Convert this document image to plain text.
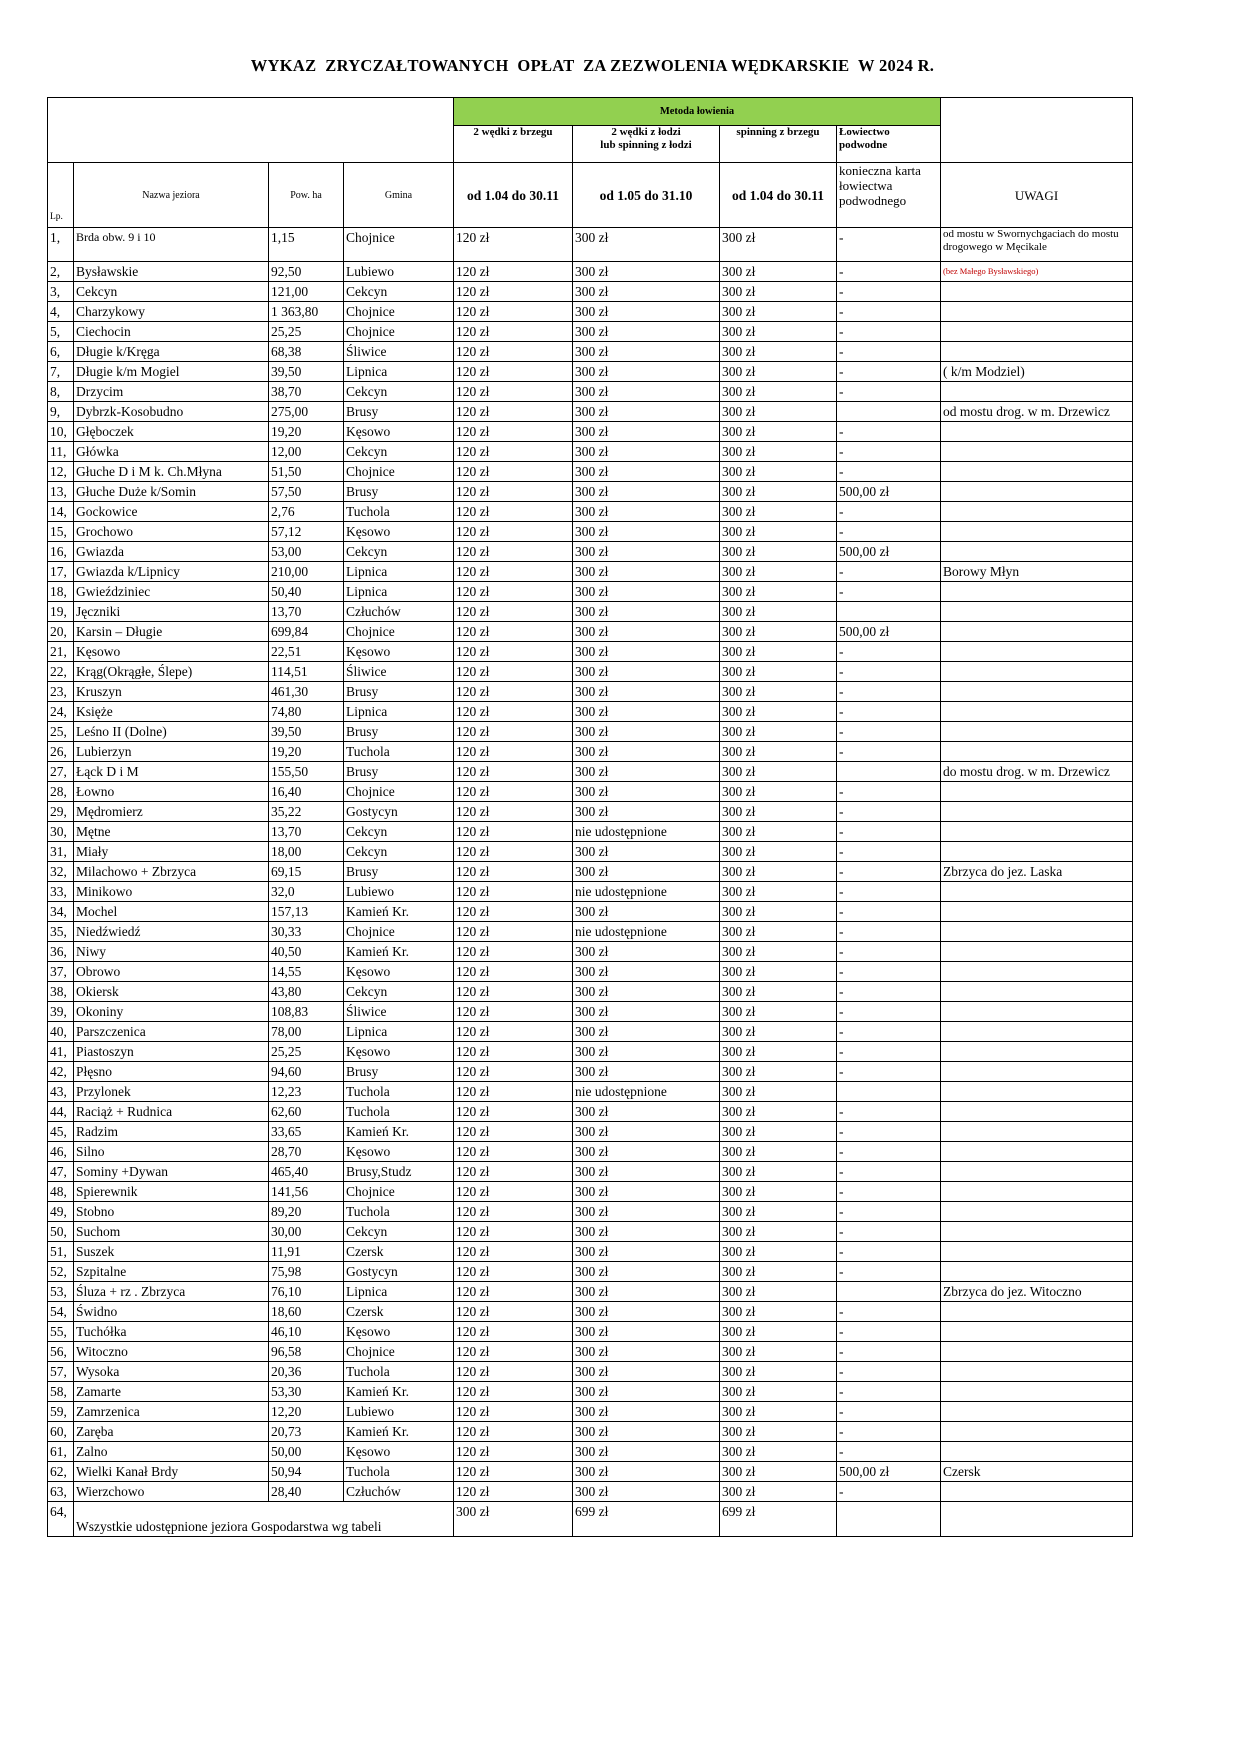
WYKAZ  ZRYCZAŁTOWANYCH  OPŁAT  ZA ZEZWOLENIA WĘDKARSKIE  W 2024 R.
				Metoda łowienia				
				2 wędki z brzegu	2 wędki z łodzi
lub spinning z łodzi	spinning z brzegu	Łowiectwo podwodne	
Lp.	Nazwa jeziora	Pow. ha	Gmina	od 1.04 do 30.11	od 1.05 do 31.10	od 1.04 do 30.11	konieczna karta łowiectwa podwodnego	UWAGI
1,	Brda obw. 9 i 10	1,15	Chojnice	120 zł	300 zł	300 zł	-	od mostu w Swornychgaciach do mostu drogowego w Męcikale
2,	Bysławskie	92,50	Lubiewo	120 zł	300 zł	300 zł	-	(bez Małego Bysławskiego)
3,	Cekcyn	121,00	Cekcyn	120 zł	300 zł	300 zł	-	
4,	Charzykowy	1 363,80	Chojnice	120 zł	300 zł	300 zł	-	
5,	Ciechocin	25,25	Chojnice	120 zł	300 zł	300 zł	-	
6,	Długie k/Kręga	68,38	Śliwice	120 zł	300 zł	300 zł	-	
7,	Długie k/m Mogiel	39,50	Lipnica	120 zł	300 zł	300 zł	-	( k/m Modziel)
8,	Drzycim	38,70	Cekcyn	120 zł	300 zł	300 zł	-	
9,	Dybrzk-Kosobudno	275,00	Brusy	120 zł	300 zł	300 zł		od mostu drog. w m. Drzewicz
10,	Głęboczek	19,20	Kęsowo	120 zł	300 zł	300 zł	-	
11,	Główka	12,00	Cekcyn	120 zł	300 zł	300 zł	-	
12,	Głuche D i M k. Ch.Młyna	51,50	Chojnice	120 zł	300 zł	300 zł	-	
13,	Głuche Duże k/Somin	57,50	Brusy	120 zł	300 zł	300 zł	500,00 zł	
14,	Gockowice	2,76	Tuchola	120 zł	300 zł	300 zł	-	
15,	Grochowo	57,12	Kęsowo	120 zł	300 zł	300 zł	-	
16,	Gwiazda	53,00	Cekcyn	120 zł	300 zł	300 zł	500,00 zł	
17,	Gwiazda k/Lipnicy	210,00	Lipnica	120 zł	300 zł	300 zł	-	Borowy Młyn
18,	Gwieździniec	50,40	Lipnica	120 zł	300 zł	300 zł	-	
19,	Jęczniki	13,70	Człuchów	120 zł	300 zł	300 zł		
20,	Karsin – Długie	699,84	Chojnice	120 zł	300 zł	300 zł	500,00 zł	
21,	Kęsowo	22,51	Kęsowo	120 zł	300 zł	300 zł	-	
22,	Krąg(Okrągłe, Ślepe)	114,51	Śliwice	120 zł	300 zł	300 zł	-	
23,	Kruszyn	461,30	Brusy	120 zł	300 zł	300 zł	-	
24,	Księże	74,80	Lipnica	120 zł	300 zł	300 zł	-	
25,	Leśno II (Dolne)	39,50	Brusy	120 zł	300 zł	300 zł	-	
26,	Lubierzyn	19,20	Tuchola	120 zł	300 zł	300 zł	-	
27,	Łąck D i M	155,50	Brusy	120 zł	300 zł	300 zł		do mostu drog. w m. Drzewicz
28,	Łowno	16,40	Chojnice	120 zł	300 zł	300 zł	-	
29,	Mędromierz	35,22	Gostycyn	120 zł	300 zł	300 zł	-	
30,	Mętne	13,70	Cekcyn	120 zł	nie udostępnione	300 zł	-	
31,	Miały	18,00	Cekcyn	120 zł	300 zł	300 zł	-	
32,	Milachowo + Zbrzyca	69,15	Brusy	120 zł	300 zł	300 zł	-	Zbrzyca do jez. Laska
33,	Minikowo	32,0	Lubiewo	120 zł	nie udostępnione	300 zł	-	
34,	Mochel	157,13	Kamień Kr.	120 zł	300 zł	300 zł	-	
35,	Niedźwiedź	30,33	Chojnice	120 zł	nie udostępnione	300 zł	-	
36,	Niwy	40,50	Kamień Kr.	120 zł	300 zł	300 zł	-	
37,	Obrowo	14,55	Kęsowo	120 zł	300 zł	300 zł	-	
38,	Okiersk	43,80	Cekcyn	120 zł	300 zł	300 zł	-	
39,	Okoniny	108,83	Śliwice	120 zł	300 zł	300 zł	-	
40,	Parszczenica	78,00	Lipnica	120 zł	300 zł	300 zł	-	
41,	Piastoszyn	25,25	Kęsowo	120 zł	300 zł	300 zł	-	
42,	Płęsno	94,60	Brusy	120 zł	300 zł	300 zł	-	
43,	Przylonek	12,23	Tuchola	120 zł	nie udostępnione	300 zł		
44,	Raciąż + Rudnica	62,60	Tuchola	120 zł	300 zł	300 zł	-	
45,	Radzim	33,65	Kamień Kr.	120 zł	300 zł	300 zł	-	
46,	Silno	28,70	Kęsowo	120 zł	300 zł	300 zł	-	
47,	Sominy +Dywan	465,40	Brusy,Studz	120 zł	300 zł	300 zł	-	
48,	Spierewnik	141,56	Chojnice	120 zł	300 zł	300 zł	-	
49,	Stobno	89,20	Tuchola	120 zł	300 zł	300 zł	-	
50,	Suchom	30,00	Cekcyn	120 zł	300 zł	300 zł	-	
51,	Suszek	11,91	Czersk	120 zł	300 zł	300 zł	-	
52,	Szpitalne	75,98	Gostycyn	120 zł	300 zł	300 zł	-	
53,	Śluza + rz . Zbrzyca	76,10	Lipnica	120 zł	300 zł	300 zł		Zbrzyca do jez. Witoczno
54,	Świdno	18,60	Czersk	120 zł	300 zł	300 zł	-	
55,	Tuchółka	46,10	Kęsowo	120 zł	300 zł	300 zł	-	
56,	Witoczno	96,58	Chojnice	120 zł	300 zł	300 zł	-	
57,	Wysoka	20,36	Tuchola	120 zł	300 zł	300 zł	-	
58,	Zamarte	53,30	Kamień Kr.	120 zł	300 zł	300 zł	-	
59,	Zamrzenica	12,20	Lubiewo	120 zł	300 zł	300 zł	-	
60,	Zaręba	20,73	Kamień Kr.	120 zł	300 zł	300 zł	-	
61,	Zalno	50,00	Kęsowo	120 zł	300 zł	300 zł	-	
62,	Wielki Kanał Brdy	50,94	Tuchola	120 zł	300 zł	300 zł	500,00 zł	Czersk
63,	Wierzchowo	28,40	Człuchów	120 zł	300 zł	300 zł	-	
64,	Wszystkie udostępnione jeziora Gospodarstwa wg tabeli			300 zł	699 zł	699 zł		
